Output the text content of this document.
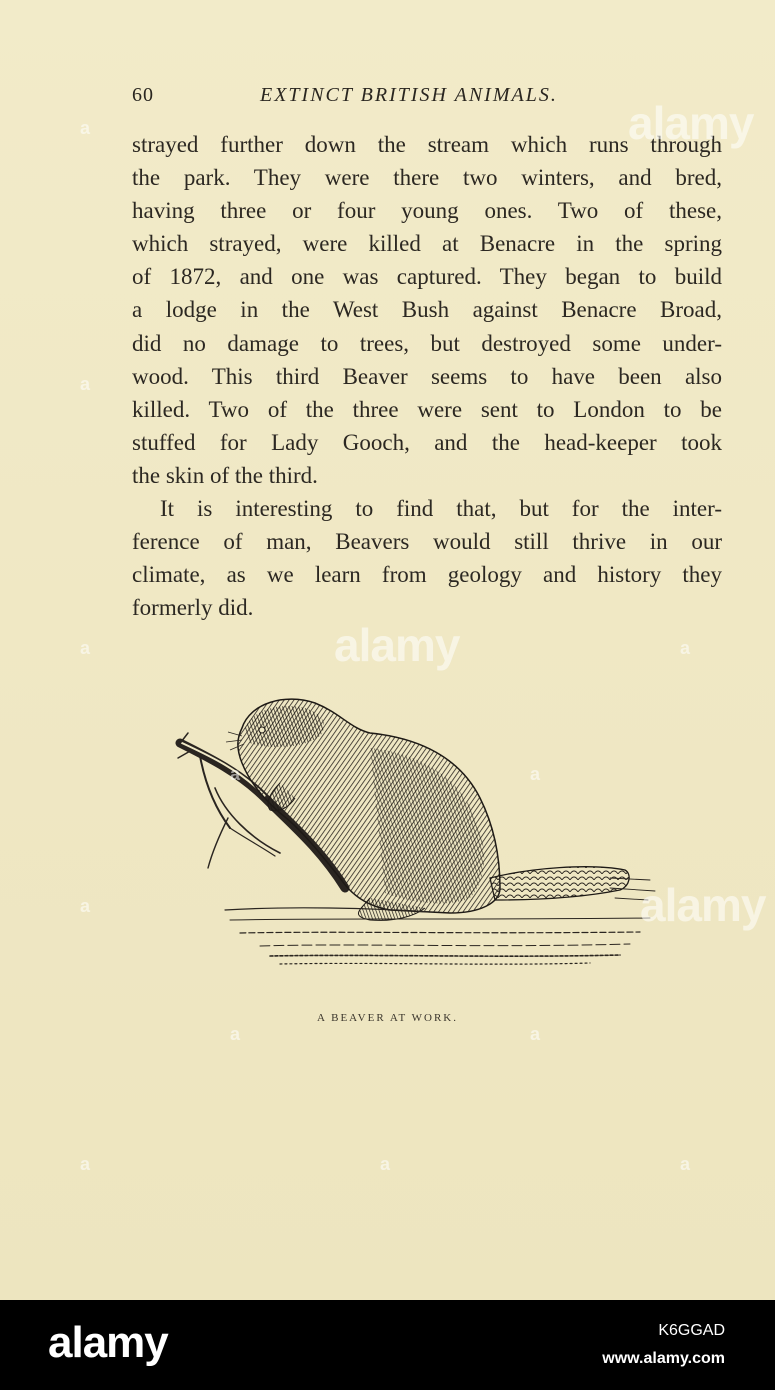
60	EXTINCT BRITISH ANIMALS.
strayed further down the stream which runs through
the park. They were there two winters, and bred,
having three or four young ones. Two of these,
which strayed, were killed at Benacre in the spring
of 1872, and one was captured. They began to build
a lodge in the West Bush against Benacre Broad,
did no damage to trees, but destroyed some under-
wood. This third Beaver seems to have been also
killed. Two of the three were sent to London to be
stuffed for Lady Gooch, and the head-keeper took
the skin of the third.
It is interesting to find that, but for the inter-
ference of man, Beavers would still thrive in our
climate, as we learn from geology and history they
formerly did.
A BEAVER AT WORK.
alamy
alamy
alamy
a
a
a
a
a
a
a
a	a
a
a
a
alamy	K6GGAD
www.alamy.com
